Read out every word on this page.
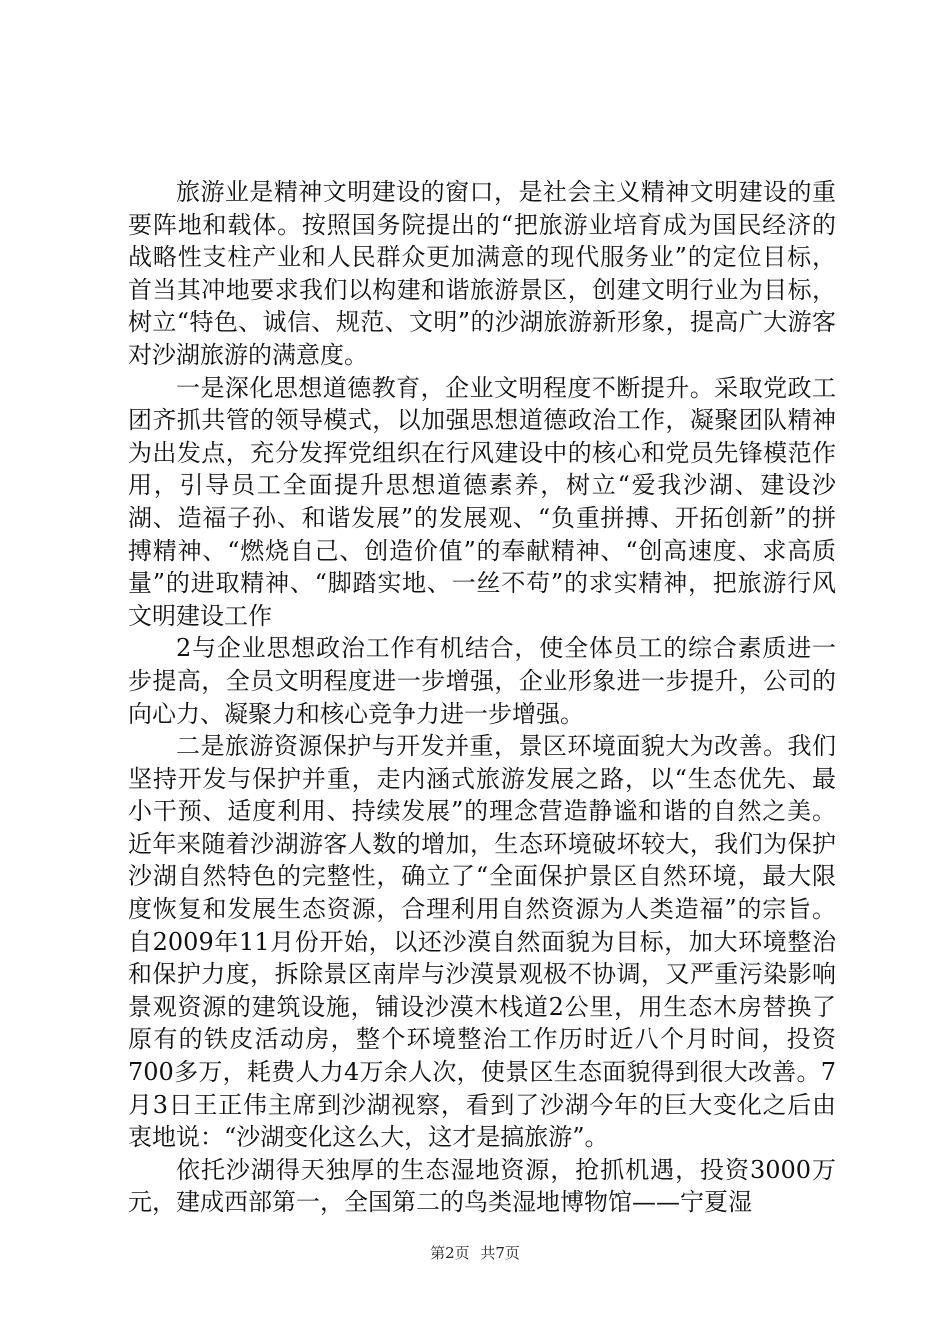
旅游业是精神文明建设的窗口，是社会主义精神文明建设的重要阵地和载体。按照国务院提出的“把旅游业培育成为国民经济的战略性支柱产业和人民群众更加满意的现代服务业”的定位目标，首当其冲地要求我们以构建和谐旅游景区，创建文明行业为目标，树立“特色、诚信、规范、文明”的沙湖旅游新形象，提高广大游客对沙湖旅游的满意度。

一是深化思想道德教育，企业文明程度不断提升。采取党政工团齐抓共管的领导模式，以加强思想道德政治工作，凝聚团队精神为出发点，充分发挥党组织在行风建设中的核心和党员先锋模范作用，引导员工全面提升思想道德素养，树立“爱我沙湖、建设沙湖、造福子孙、和谐发展”的发展观、“负重拼搏、开拓创新”的拼搏精神、“燃烧自己、创造价值”的奉献精神、“创高速度、求高质量”的进取精神、“脚踏实地、一丝不苟”的求实精神，把旅游行风文明建设工作

2与企业思想政治工作有机结合，使全体员工的综合素质进一步提高，全员文明程度进一步增强，企业形象进一步提升，公司的向心力、凝聚力和核心竞争力进一步增强。

二是旅游资源保护与开发并重，景区环境面貌大为改善。我们坚持开发与保护并重，走内涵式旅游发展之路，以“生态优先、最小干预、适度利用、持续发展”的理念营造静谧和谐的自然之美。近年来随着沙湖游客人数的增加，生态环境破坏较大，我们为保护沙湖自然特色的完整性，确立了“全面保护景区自然环境，最大限度恢复和发展生态资源，合理利用自然资源为人类造福”的宗旨。自2009年11月份开始，以还沙漠自然面貌为目标，加大环境整治和保护力度，拆除景区南岸与沙漠景观极不协调，又严重污染影响景观资源的建筑设施，铺设沙漠木栈道2公里，用生态木房替换了原有的铁皮活动房，整个环境整治工作历时近八个月时间，投资700多万，耗费人力4万余人次，使景区生态面貌得到很大改善。7月3日王正伟主席到沙湖视察，看到了沙湖今年的巨大变化之后由衷地说：“沙湖变化这么大，这才是搞旅游”。

依托沙湖得天独厚的生态湿地资源，抢抓机遇，投资3000万元，建成西部第一，全国第二的鸟类湿地博物馆——宁夏湿

第2页 共7页
